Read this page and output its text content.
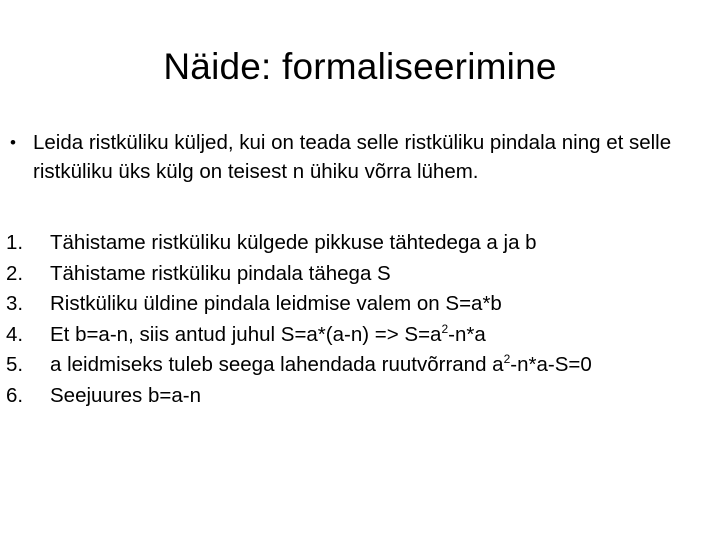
Näide: formaliseerimine
• Leida ristküliku küljed, kui on teada selle ristküliku pindala ning et selle ristküliku üks külg on teisest n ühiku võrra lühem.
1.	Tähistame ristküliku külgede pikkuse tähtedega a ja b
2.	Tähistame ristküliku pindala tähega S
3.	Ristküliku üldine pindala leidmise valem on S=a*b
4.	Et b=a-n, siis antud juhul $S=a*(a-n) => S=a^2-n*a$
5.	a leidmiseks tuleb seega lahendada ruutvõrrand $a^2-n*a-S=0$
6.	Seejuures b=a-n
